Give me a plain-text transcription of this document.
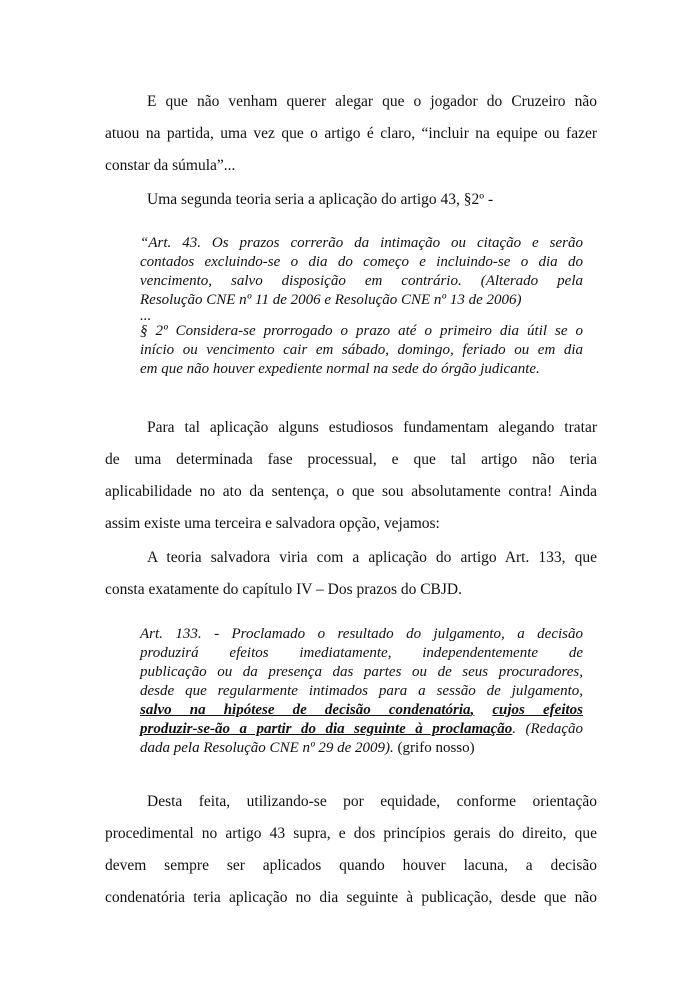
E que não venham querer alegar que o jogador do Cruzeiro não
atuou na partida, uma vez que o artigo é claro, “incluir na equipe ou fazer
constar da súmula”...
Uma segunda teoria seria a aplicação do artigo 43, §2º -
“Art. 43. Os prazos correrão da intimação ou citação e serão
contados excluindo-se o dia do começo e incluindo-se o dia do
vencimento, salvo disposição em contrário. (Alterado pela
Resolução CNE nº 11 de 2006 e Resolução CNE nº 13 de 2006)
...
§ 2º Considera-se prorrogado o prazo até o primeiro dia útil se o
início ou vencimento cair em sábado, domingo, feriado ou em dia
em que não houver expediente normal na sede do órgão judicante.
Para tal aplicação alguns estudiosos fundamentam alegando tratar
de uma determinada fase processual, e que tal artigo não teria
aplicabilidade no ato da sentença, o que sou absolutamente contra! Ainda
assim existe uma terceira e salvadora opção, vejamos:
A teoria salvadora viria com a aplicação do artigo Art. 133, que
consta exatamente do capítulo IV – Dos prazos do CBJD.
Art. 133. - Proclamado o resultado do julgamento, a decisão
produzirá efeitos imediatamente, independentemente de
publicação ou da presença das partes ou de seus procuradores,
desde que regularmente intimados para a sessão de julgamento,
salvo na hipótese de decisão condenatória, cujos efeitos
produzir-se-ão a partir do dia seguinte à proclamação. (Redação
dada pela Resolução CNE nº 29 de 2009). (grifo nosso)
Desta feita, utilizando-se por equidade, conforme orientação
procedimental no artigo 43 supra, e dos princípios gerais do direito, que
devem sempre ser aplicados quando houver lacuna, a decisão
condenatória teria aplicação no dia seguinte à publicação, desde que não
